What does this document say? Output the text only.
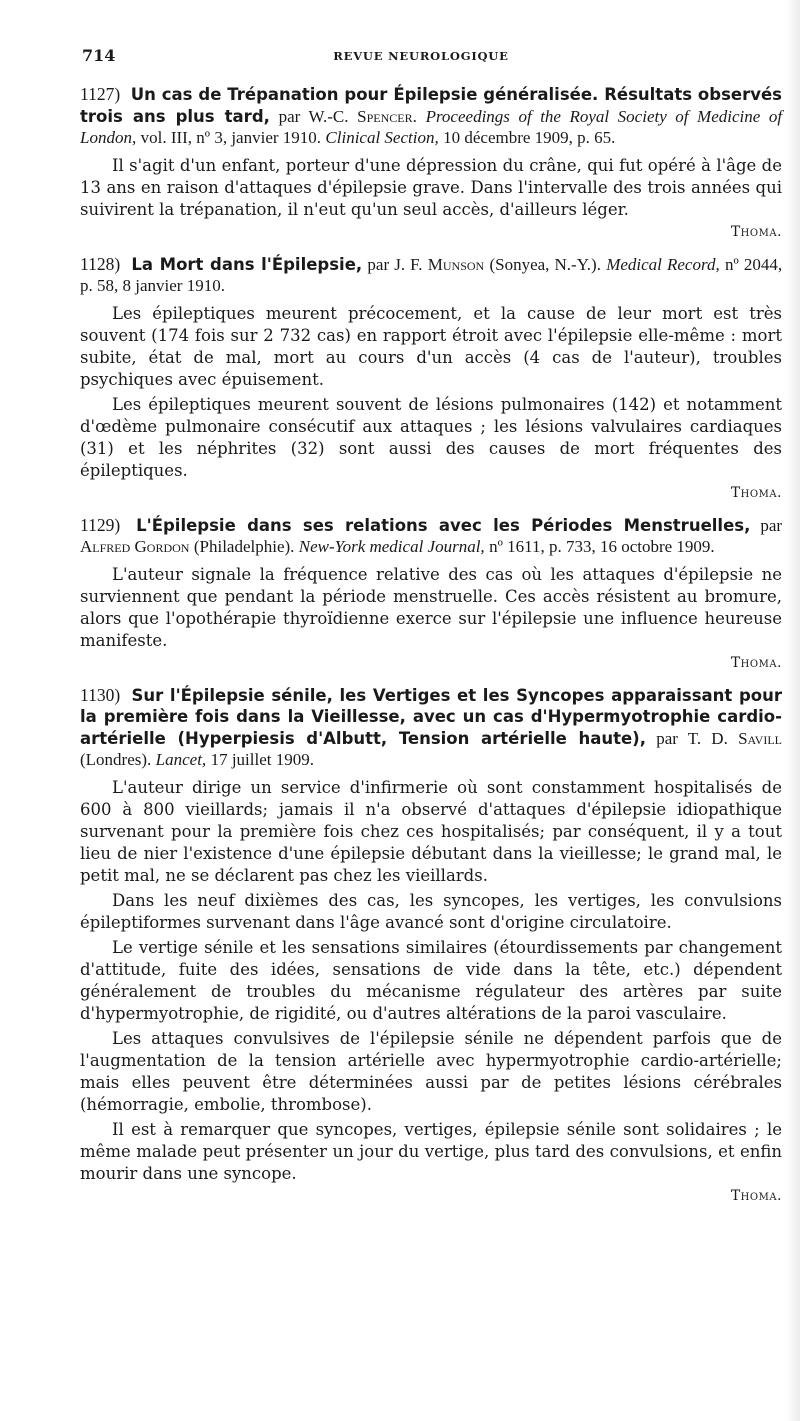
714	REVUE NEUROLOGIQUE
1127) Un cas de Trépanation pour Épilepsie généralisée. Résultats observés trois ans plus tard, par W.-C. Spencer. Proceedings of the Royal Society of Medicine of London, vol. III, nº 3, janvier 1910. Clinical Section, 10 décembre 1909, p. 65.

Il s'agit d'un enfant, porteur d'une dépression du crâne, qui fut opéré à l'âge de 13 ans en raison d'attaques d'épilepsie grave. Dans l'intervalle des trois années qui suivirent la trépanation, il n'eut qu'un seul accès, d'ailleurs léger.

Thoma.
1128) La Mort dans l'Épilepsie, par J. F. Munson (Sonyea, N.-Y.). Medical Record, nº 2044, p. 58, 8 janvier 1910.

Les épileptiques meurent précocement, et la cause de leur mort est très souvent (174 fois sur 2 732 cas) en rapport étroit avec l'épilepsie elle-même : mort subite, état de mal, mort au cours d'un accès (4 cas de l'auteur), troubles psychiques avec épuisement.

Les épileptiques meurent souvent de lésions pulmonaires (142) et notamment d'œdème pulmonaire consécutif aux attaques ; les lésions valvulaires cardiaques (31) et les néphrites (32) sont aussi des causes de mort fréquentes des épileptiques.

Thoma.
1129) L'Épilepsie dans ses relations avec les Périodes Menstruelles, par Alfred Gordon (Philadelphie). New-York medical Journal, nº 1611, p. 733, 16 octobre 1909.

L'auteur signale la fréquence relative des cas où les attaques d'épilepsie ne surviennent que pendant la période menstruelle. Ces accès résistent au bromure, alors que l'opothérapie thyroïdienne exerce sur l'épilepsie une influence heureuse manifeste.

Thoma.
1130) Sur l'Épilepsie sénile, les Vertiges et les Syncopes apparaissant pour la première fois dans la Vieillesse, avec un cas d'Hypermyotrophie cardio-artérielle (Hyperpiesis d'Albutt, Tension artérielle haute), par T. D. Savill (Londres). Lancet, 17 juillet 1909.

L'auteur dirige un service d'infirmerie où sont constamment hospitalisés de 600 à 800 vieillards; jamais il n'a observé d'attaques d'épilepsie idiopathique survenant pour la première fois chez ces hospitalisés; par conséquent, il y a tout lieu de nier l'existence d'une épilepsie débutant dans la vieillesse; le grand mal, le petit mal, ne se déclarent pas chez les vieillards.

Dans les neuf dixièmes des cas, les syncopes, les vertiges, les convulsions épileptiformes survenant dans l'âge avancé sont d'origine circulatoire.

Le vertige sénile et les sensations similaires (étourdissements par changement d'attitude, fuite des idées, sensations de vide dans la tête, etc.) dépendent généralement de troubles du mécanisme régulateur des artères par suite d'hypermyotrophie, de rigidité, ou d'autres altérations de la paroi vasculaire.

Les attaques convulsives de l'épilepsie sénile ne dépendent parfois que de l'augmentation de la tension artérielle avec hypermyotrophie cardio-artérielle; mais elles peuvent être déterminées aussi par de petites lésions cérébrales (hémorragie, embolie, thrombose).

Il est à remarquer que syncopes, vertiges, épilepsie sénile sont solidaires ; le même malade peut présenter un jour du vertige, plus tard des convulsions, et enfin mourir dans une syncope.

Thoma.
